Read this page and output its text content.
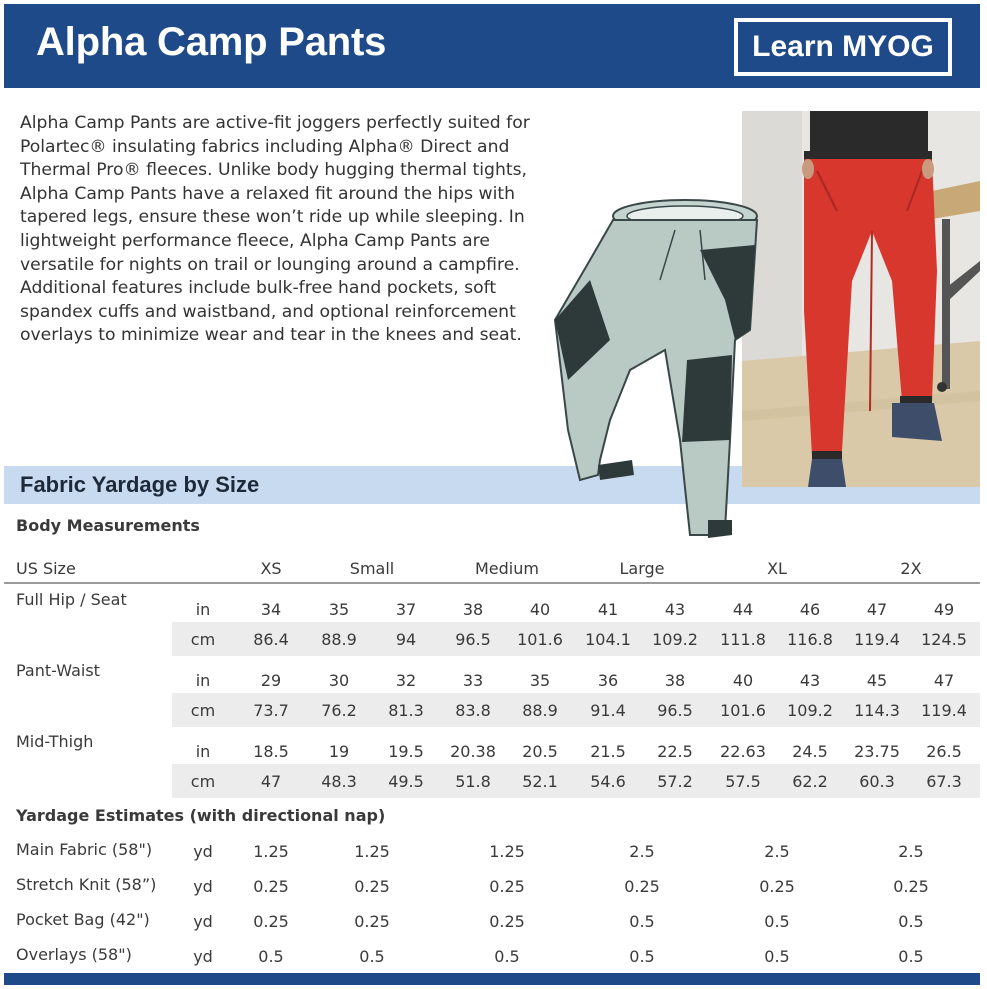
Alpha Camp Pants	Learn MYOG
Alpha Camp Pants are active-fit joggers perfectly suited for Polartec® insulating fabrics including Alpha® Direct and Thermal Pro® fleeces. Unlike body hugging thermal tights, Alpha Camp Pants have a relaxed fit around the hips with tapered legs, ensure these won’t ride up while sleeping. In lightweight performance fleece, Alpha Camp Pants are versatile for nights on trail or lounging around a campfire. Additional features include bulk-free hand pockets, soft spandex cuffs and waistband, and optional reinforcement overlays to minimize wear and tear in the knees and seat.
Fabric Yardage by Size
Body Measurements
US Size
Yardage Estimates (with directional nap)
XS	Small	Medium	Large	XL	2X
Full Hip / Seat
in	34	35	37	38	40	41	43	44	46	47	49
cm	86.4	88.9	94	96.5	101.6	104.1	109.2	111.8	116.8	119.4	124.5
Pant-Waist
in	29	30	32	33	35	36	38	40	43	45	47
cm	73.7	76.2	81.3	83.8	88.9	91.4	96.5	101.6	109.2	114.3	119.4
Mid-Thigh
in	18.5	19	19.5	20.38	20.5	21.5	22.5	22.63	24.5	23.75	26.5
cm	47	48.3	49.5	51.8	52.1	54.6	57.2	57.5	62.2	60.3	67.3
Main Fabric (58")	yd	1.25	1.25	1.25	2.5	2.5	2.5
Stretch Knit (58”)	yd	0.25	0.25	0.25	0.25	0.25	0.25
Pocket Bag (42")	yd	0.25	0.25	0.25	0.5	0.5	0.5
Overlays (58")	yd	0.5	0.5	0.5	0.5	0.5	0.5
